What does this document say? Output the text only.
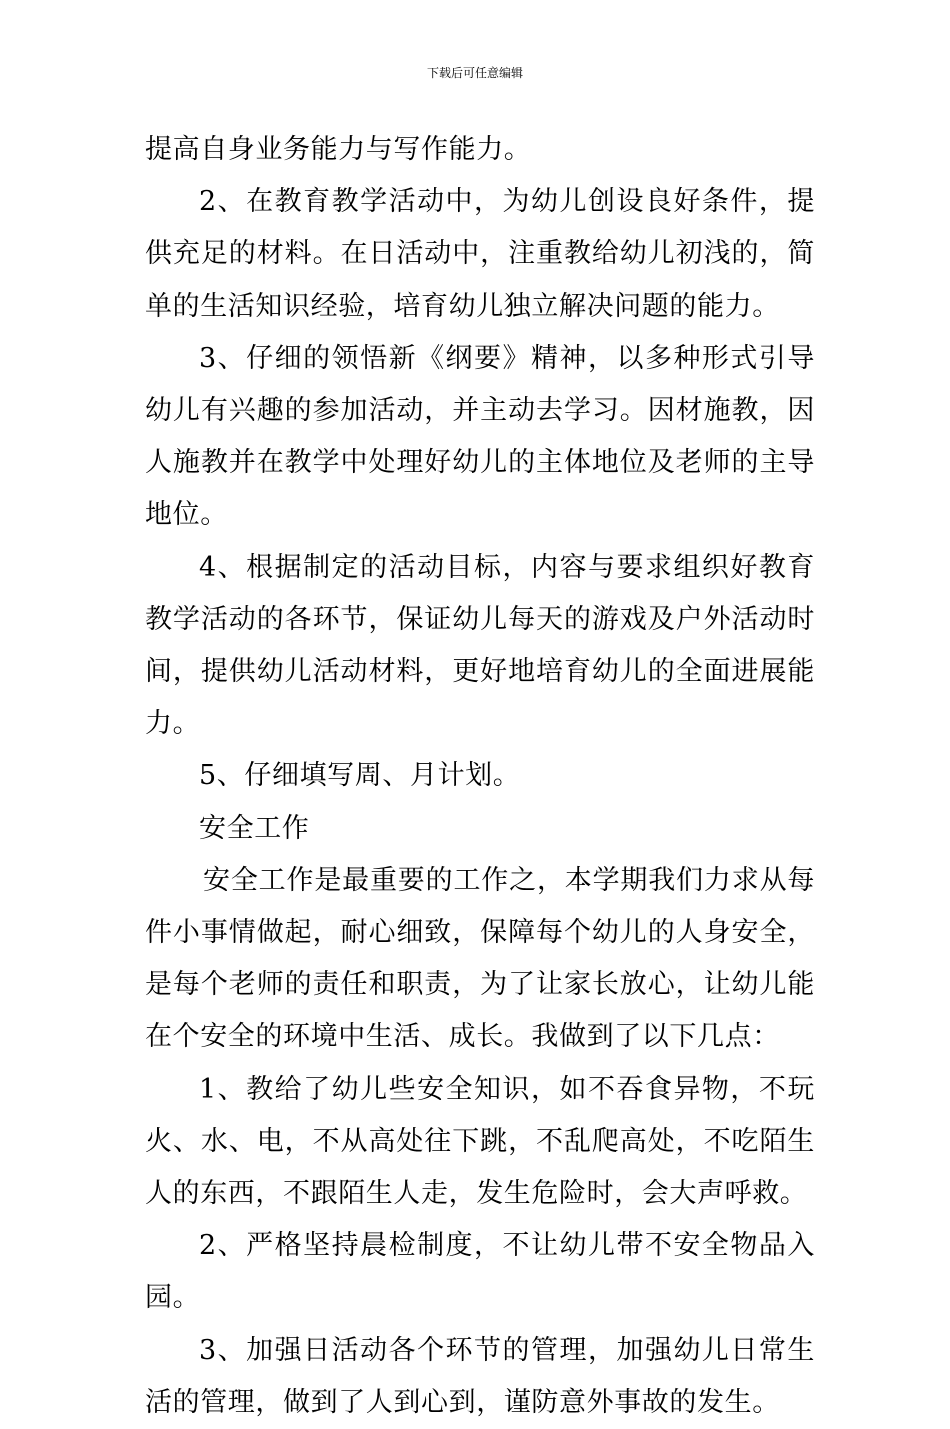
下载后可任意编辑

提高自身业务能力与写作能力。

2、在教育教学活动中，为幼儿创设良好条件，提供充足的材料。在日活动中，注重教给幼儿初浅的，简单的生活知识经验，培育幼儿独立解决问题的能力。

3、仔细的领悟新《纲要》精神，以多种形式引导幼儿有兴趣的参加活动，并主动去学习。因材施教，因人施教并在教学中处理好幼儿的主体地位及老师的主导地位。

4、根据制定的活动目标，内容与要求组织好教育教学活动的各环节，保证幼儿每天的游戏及户外活动时间，提供幼儿活动材料，更好地培育幼儿的全面进展能力。

5、仔细填写周、月计划。

安全工作

安全工作是最重要的工作之，本学期我们力求从每件小事情做起，耐心细致，保障每个幼儿的人身安全，是每个老师的责任和职责，为了让家长放心，让幼儿能在个安全的环境中生活、成长。我做到了以下几点：

1、教给了幼儿些安全知识，如不吞食异物，不玩火、水、电，不从高处往下跳，不乱爬高处，不吃陌生人的东西，不跟陌生人走，发生危险时，会大声呼救。

2、严格坚持晨检制度，不让幼儿带不安全物品入园。

3、加强日活动各个环节的管理，加强幼儿日常生活的管理，做到了人到心到，谨防意外事故的发生。
